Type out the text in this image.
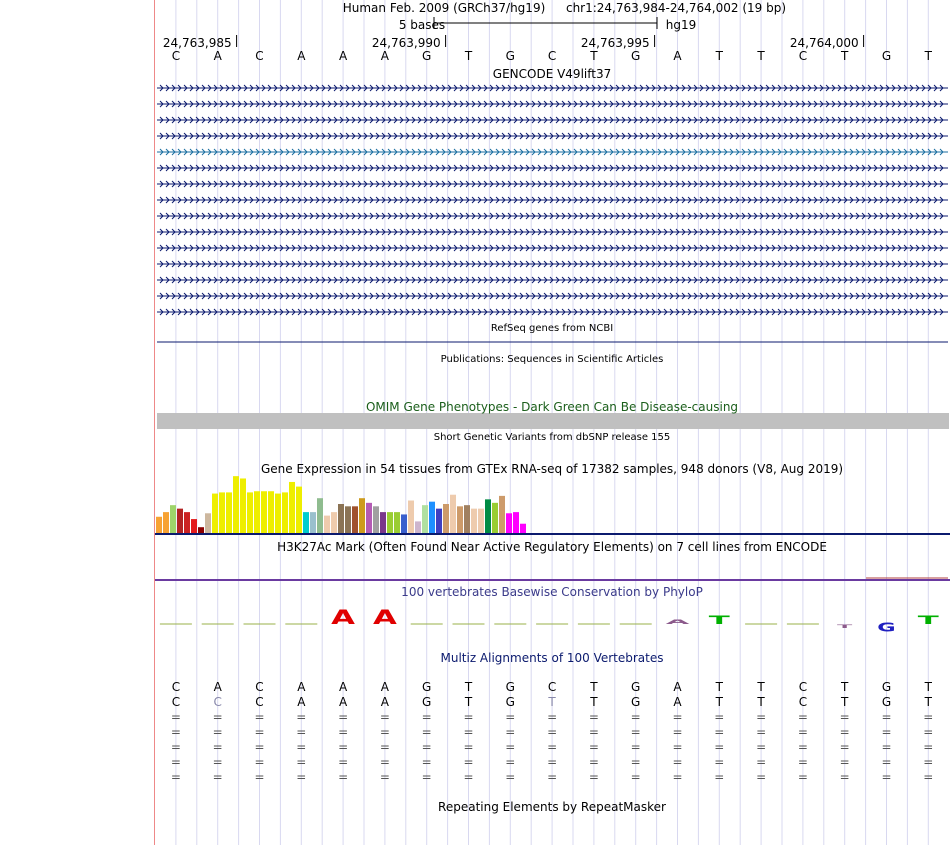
A A	A T	T G
T
Human Feb. 2009 (GRCh37/hg19) chr1:24,763,984-24,764,002 (19 bp)
5 bases	hg19
24,763,985	24,763,990	24,763,995	24,764,000
C	A	C	A	A	A	G	T	G	C	T	G	A	T	T	C	T	G	T
GENCODE V49lift37
RefSeq genes from NCBI
Publications: Sequences in Scientific Articles
OMIM Gene Phenotypes - Dark Green Can Be Disease-causing
Short Genetic Variants from dbSNP release 155
Gene Expression in 54 tissues from GTEx RNA-seq of 17382 samples, 948 donors (V8, Aug 2019)
H3K27Ac Mark (Often Found Near Active Regulatory Elements) on 7 cell lines from ENCODE
100 vertebrates Basewise Conservation by PhyloP
Multiz Alignments of 100 Vertebrates
C	A	C	A	A	A	G	T	G	C	T	G	A	T	T	C	T	G	T
C	C	C	A	A	A	G	T	G	T	T	G	A	T	T	C	T	G	T
=	=	=	=	=	=	=	=	=	=	=	=	=	=	=	=	=	=	=
=	=	=	=	=	=	=	=	=	=	=	=	=	=	=	=	=	=	=
=	=	=	=	=	=	=	=	=	=	=	=	=	=	=	=	=	=	=
=	=	=	=	=	=	=	=	=	=	=	=	=	=	=	=	=	=	=
=	=	=	=	=	=	=	=	=	=	=	=	=	=	=	=	=	=	=
Repeating Elements by RepeatMasker
